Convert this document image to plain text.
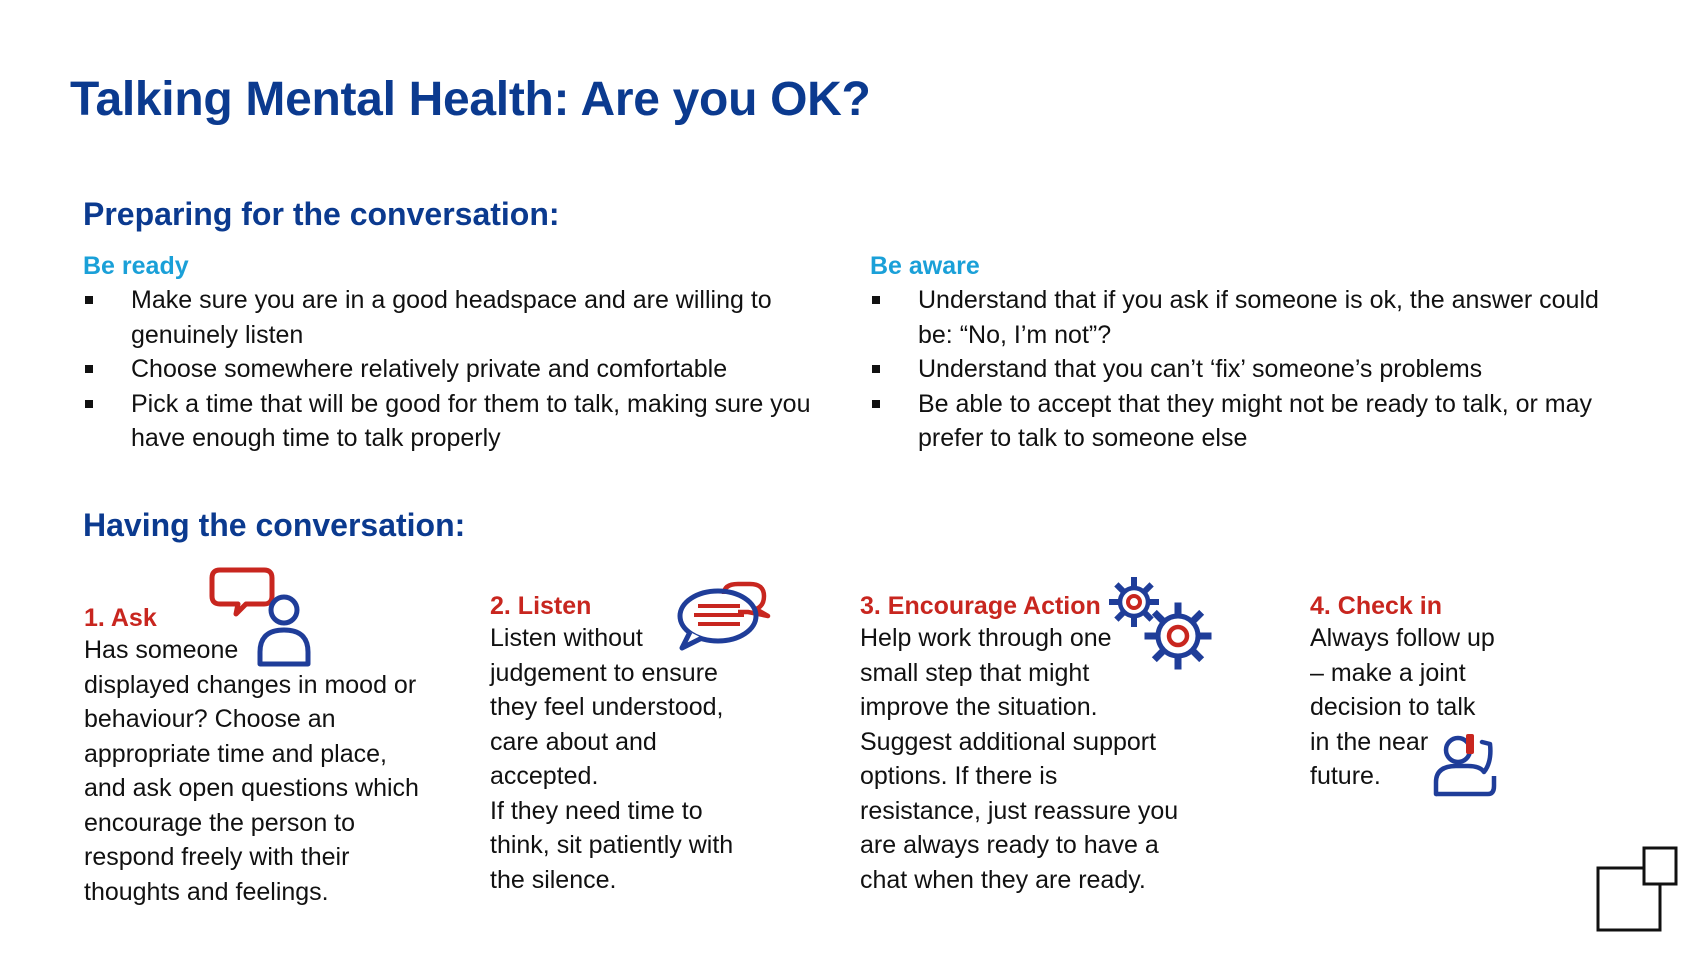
Talking Mental Health: Are you OK?
Preparing for the conversation:
Be ready
Make sure you are in a good headspace and are willing to genuinely listen
Choose somewhere relatively private and comfortable
Pick a time that will be good for them to talk, making sure you have enough time to talk properly
Be aware
Understand that if you ask if someone is ok, the answer could be: “No, I’m not”?
Understand that you can’t ‘fix’ someone’s problems
Be able to accept that they might not be ready to talk, or may prefer to talk to someone else
Having the conversation:
1. Ask
Has someone
displayed changes in mood or
behaviour? Choose an
appropriate time and place,
and ask open questions which
encourage the person to
respond freely with their
thoughts and feelings.
2. Listen
Listen without
judgement to ensure
they feel understood,
care about and
accepted.
If they need time to
think, sit patiently with
the silence.
3. Encourage Action
Help work through one
small step that might
improve the situation.
Suggest additional support
options. If there is
resistance, just reassure you
are always ready to have a
chat when they are ready.
4. Check in
Always follow up
– make a joint
decision to talk
in the near
future.
